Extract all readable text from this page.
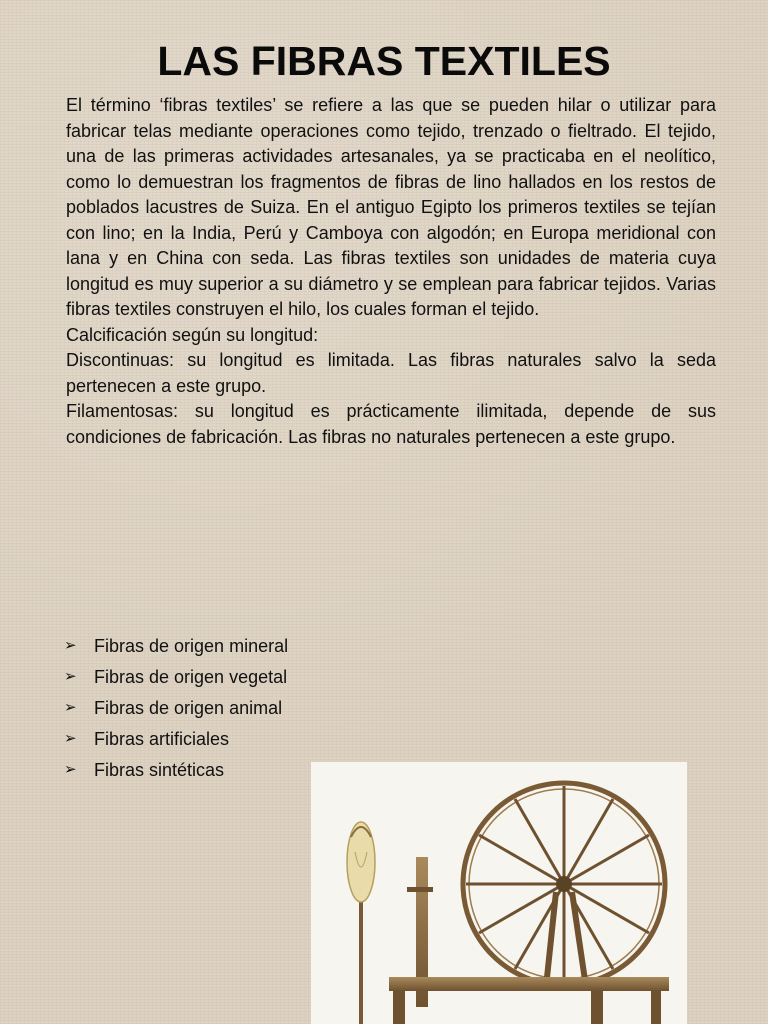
LAS FIBRAS TEXTILES

El término ‘fibras textiles’ se refiere a las que se pueden hilar o utilizar para fabricar telas mediante operaciones como tejido, trenzado o fieltrado. El tejido, una de las primeras actividades artesanales, ya se practicaba en el neolítico, como lo demuestran los fragmentos de fibras de lino hallados en los restos de poblados lacustres de Suiza. En el antiguo Egipto los primeros textiles se tejían con lino; en la India, Perú y Camboya con algodón; en Europa meridional con lana y en China con seda. Las fibras textiles son unidades de materia cuya longitud es muy superior a su diámetro y se emplean para fabricar tejidos. Varias fibras textiles construyen el hilo, los cuales forman el tejido.

Calcificación según su longitud:

Discontinuas: su longitud es limitada. Las fibras naturales salvo la seda pertenecen a este grupo.

Filamentosas: su longitud es prácticamente ilimitada, depende de sus condiciones de fabricación. Las fibras no naturales pertenecen a este grupo.

➢ Fibras de origen mineral
➢ Fibras de origen vegetal
➢ Fibras de origen animal
➢ Fibras artificiales
➢ Fibras sintéticas
